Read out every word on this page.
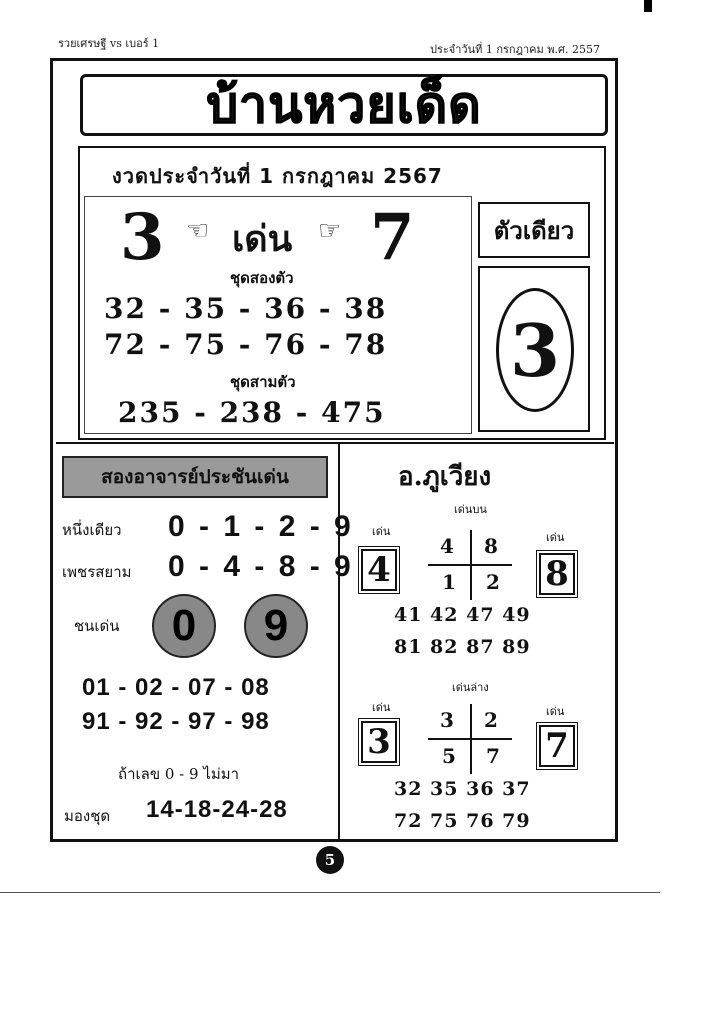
รวยเศรษฐี vs เบอร์ 1	ประจำวันที่ 1 กรกฎาคม พ.ศ. 2557
บ้านหวยเด็ด
งวดประจำวันที่ 1 กรกฎาคม 2567
3 ☜ เด่น ☞ 7
ชุดสองตัว
32 - 35 - 36 - 38
72 - 75 - 76 - 78
ชุดสามตัว
235 - 238 - 475
ตัวเดียว
3
สองอาจารย์ประชันเด่น
หนึ่งเดียว 0 - 1 - 2 - 9
เพชรสยาม 0 - 4 - 8 - 9
ชนเด่น	0	9
01 - 02 - 07 - 08
91 - 92 - 97 - 98
ถ้าเลข 0 - 9 ไม่มา
มองชุด 14-18-24-28
อ.ภูเวียง
เด่นบน
เด่น	เด่น
4	8
4 8
1 2
41 42 47 49
81 82 87 89
เด่นล่าง
เด่น	เด่น
3	7
3 2
5 7
32 35 36 37
72 75 76 79
5
